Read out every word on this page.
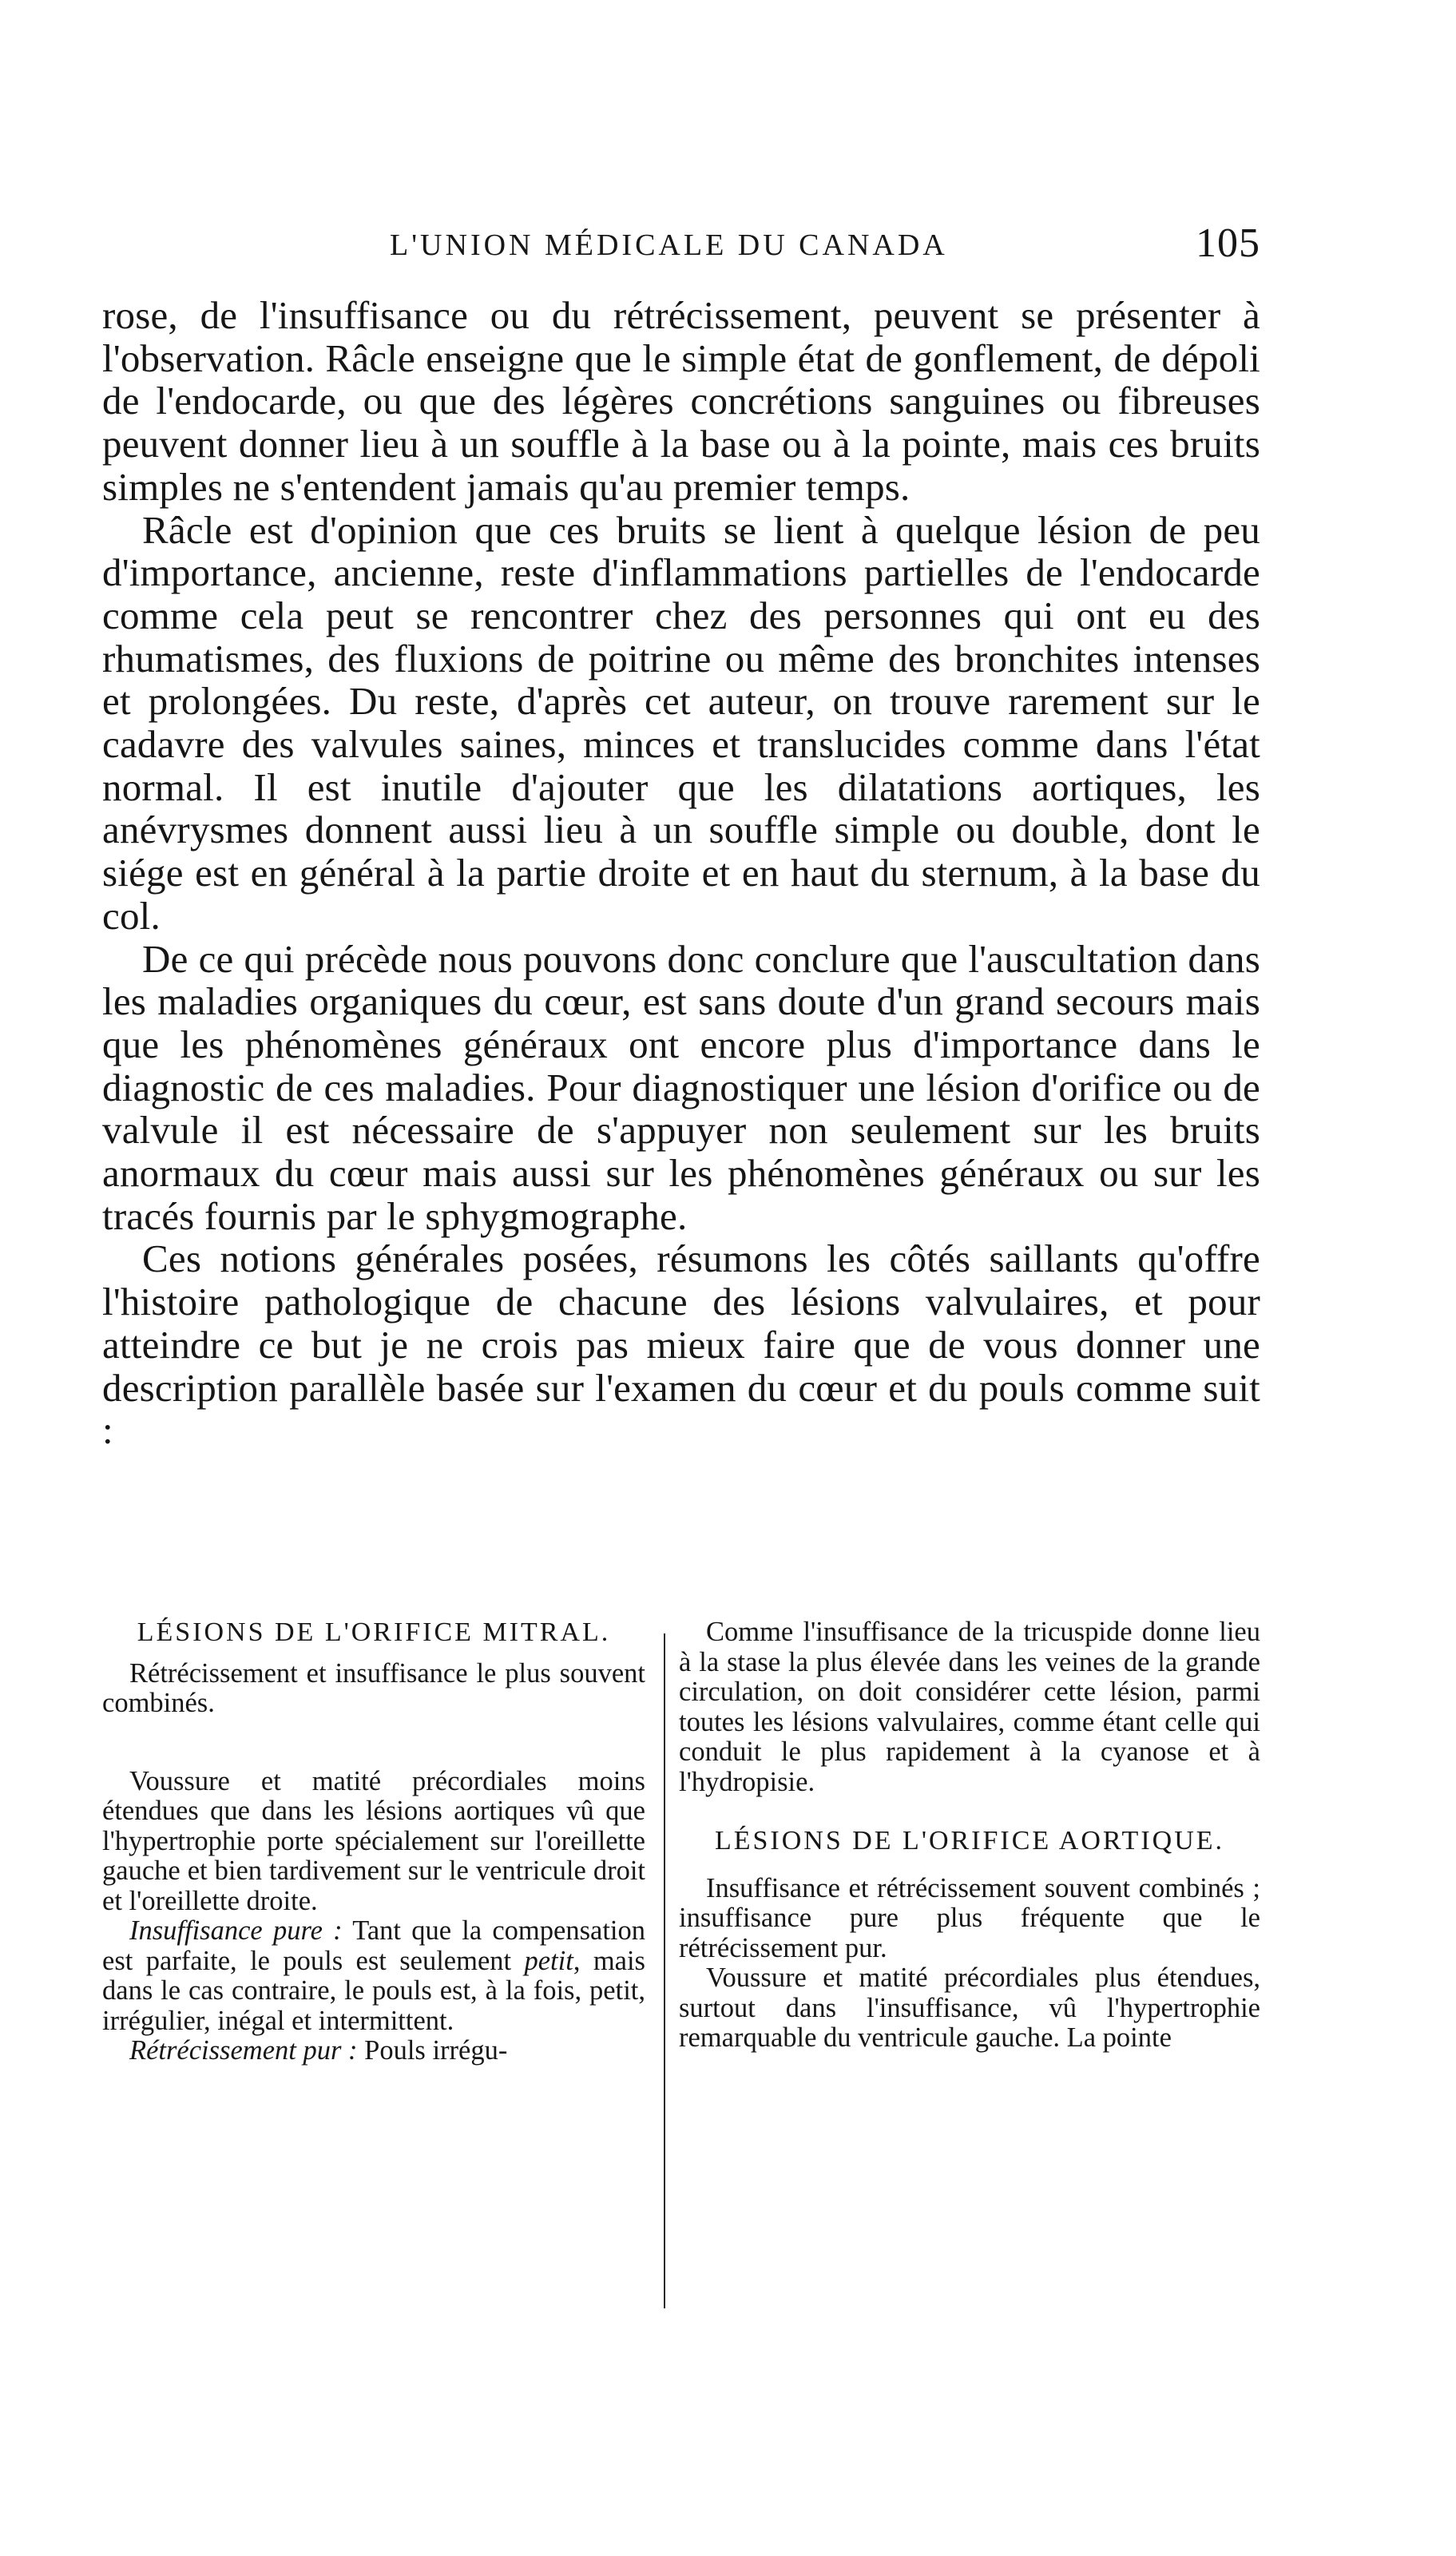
L'UNION MÉDICALE DU CANADA	105

rose, de l'insuffisance ou du rétrécissement, peuvent se présenter à l'observation. Râcle enseigne que le simple état de gonflement, de dépoli de l'endocarde, ou que des légères concrétions sanguines ou fibreuses peuvent donner lieu à un souffle à la base ou à la pointe, mais ces bruits simples ne s'entendent jamais qu'au premier temps.

Râcle est d'opinion que ces bruits se lient à quelque lésion de peu d'importance, ancienne, reste d'inflammations partielles de l'endocarde comme cela peut se rencontrer chez des personnes qui ont eu des rhumatismes, des fluxions de poitrine ou même des bronchites intenses et prolongées. Du reste, d'après cet auteur, on trouve rarement sur le cadavre des valvules saines, minces et translucides comme dans l'état normal. Il est inutile d'ajouter que les dilatations aortiques, les anévrysmes donnent aussi lieu à un souffle simple ou double, dont le siége est en général à la partie droite et en haut du sternum, à la base du col.

De ce qui précède nous pouvons donc conclure que l'auscultation dans les maladies organiques du cœur, est sans doute d'un grand secours mais que les phénomènes généraux ont encore plus d'importance dans le diagnostic de ces maladies. Pour diagnostiquer une lésion d'orifice ou de valvule il est nécessaire de s'appuyer non seulement sur les bruits anormaux du cœur mais aussi sur les phénomènes généraux ou sur les tracés fournis par le sphygmographe.

Ces notions générales posées, résumons les côtés saillants qu'offre l'histoire pathologique de chacune des lésions valvulaires, et pour atteindre ce but je ne crois pas mieux faire que de vous donner une description parallèle basée sur l'examen du cœur et du pouls comme suit :

LÉSIONS DE L'ORIFICE MITRAL.

Rétrécissement et insuffisance le plus souvent combinés.

Voussure et matité précordiales moins étendues que dans les lésions aortiques vû que l'hypertrophie porte spécialement sur l'oreillette gauche et bien tardivement sur le ventricule droit et l'oreillette droite.

Insuffisance pure : Tant que la compensation est parfaite, le pouls est seulement petit, mais dans le cas contraire, le pouls est, à la fois, petit, irrégulier, inégal et intermittent.

Rétrécissement pur : Pouls irrégu-

Comme l'insuffisance de la tricuspide donne lieu à la stase la plus élevée dans les veines de la grande circulation, on doit considérer cette lésion, parmi toutes les lésions valvulaires, comme étant celle qui conduit le plus rapidement à la cyanose et à l'hydropisie.

LÉSIONS DE L'ORIFICE AORTIQUE.

Insuffisance et rétrécissement souvent combinés ; insuffisance pure plus fréquente que le rétrécissement pur.

Voussure et matité précordiales plus étendues, surtout dans l'insuffisance, vû l'hypertrophie remarquable du ventricule gauche. La pointe
